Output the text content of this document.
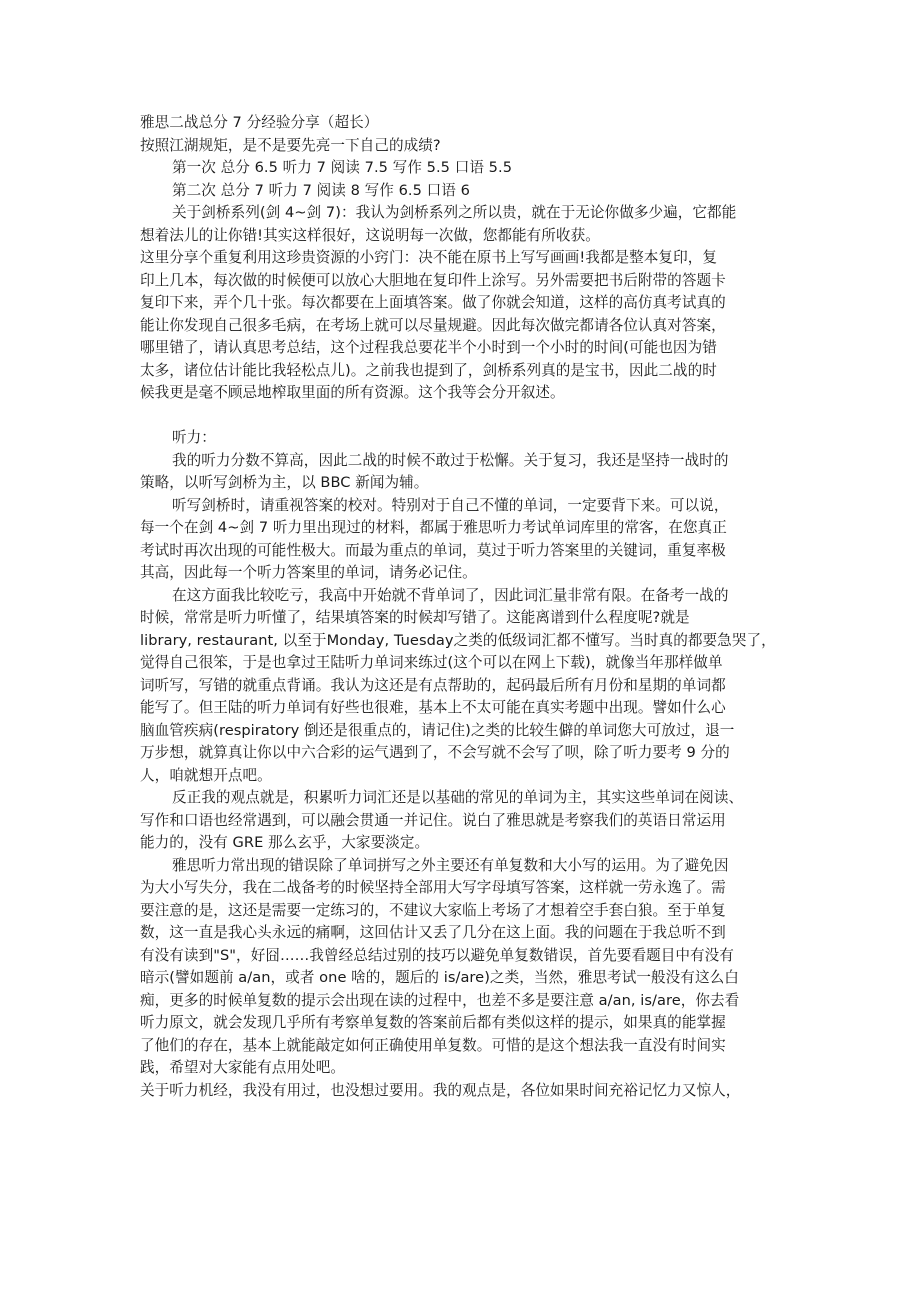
雅思二战总分 7 分经验分享（超长）
按照江湖规矩，是不是要先亮一下自己的成绩?
第一次 总分 6.5 听力 7 阅读 7.5 写作 5.5 口语 5.5
第二次 总分 7 听力 7 阅读 8 写作 6.5 口语 6
关于剑桥系列(剑 4~剑 7)：我认为剑桥系列之所以贵，就在于无论你做多少遍，它都能
想着法儿的让你错!其实这样很好，这说明每一次做，您都能有所收获。
这里分享个重复利用这珍贵资源的小窍门：决不能在原书上写写画画!我都是整本复印，复
印上几本，每次做的时候便可以放心大胆地在复印件上涂写。另外需要把书后附带的答题卡
复印下来，弄个几十张。每次都要在上面填答案。做了你就会知道，这样的高仿真考试真的
能让你发现自己很多毛病，在考场上就可以尽量规避。因此每次做完都请各位认真对答案，
哪里错了，请认真思考总结，这个过程我总要花半个小时到一个小时的时间(可能也因为错
太多，诸位估计能比我轻松点儿)。之前我也提到了，剑桥系列真的是宝书，因此二战的时
候我更是毫不顾忌地榨取里面的所有资源。这个我等会分开叙述。
听力：
我的听力分数不算高，因此二战的时候不敢过于松懈。关于复习，我还是坚持一战时的
策略，以听写剑桥为主，以 BBC 新闻为辅。
听写剑桥时，请重视答案的校对。特别对于自己不懂的单词，一定要背下来。可以说，
每一个在剑 4~剑 7 听力里出现过的材料，都属于雅思听力考试单词库里的常客，在您真正
考试时再次出现的可能性极大。而最为重点的单词，莫过于听力答案里的关键词，重复率极
其高，因此每一个听力答案里的单词，请务必记住。
在这方面我比较吃亏，我高中开始就不背单词了，因此词汇量非常有限。在备考一战的
时候，常常是听力听懂了，结果填答案的时候却写错了。这能离谱到什么程度呢?就是
library, restaurant, 以至于Monday, Tuesday之类的低级词汇都不懂写。当时真的都要急哭了，
觉得自己很笨，于是也拿过王陆听力单词来练过(这个可以在网上下载)，就像当年那样做单
词听写，写错的就重点背诵。我认为这还是有点帮助的，起码最后所有月份和星期的单词都
能写了。但王陆的听力单词有好些也很难，基本上不太可能在真实考题中出现。譬如什么心
脑血管疾病(respiratory 倒还是很重点的，请记住)之类的比较生僻的单词您大可放过，退一
万步想，就算真让你以中六合彩的运气遇到了，不会写就不会写了呗，除了听力要考 9 分的
人，咱就想开点吧。
反正我的观点就是，积累听力词汇还是以基础的常见的单词为主，其实这些单词在阅读、
写作和口语也经常遇到，可以融会贯通一并记住。说白了雅思就是考察我们的英语日常运用
能力的，没有 GRE 那么玄乎，大家要淡定。
雅思听力常出现的错误除了单词拼写之外主要还有单复数和大小写的运用。为了避免因
为大小写失分，我在二战备考的时候坚持全部用大写字母填写答案，这样就一劳永逸了。需
要注意的是，这还是需要一定练习的，不建议大家临上考场了才想着空手套白狼。至于单复
数，这一直是我心头永远的痛啊，这回估计又丢了几分在这上面。我的问题在于我总听不到
有没有读到"S"，好囧……我曾经总结过别的技巧以避免单复数错误，首先要看题目中有没有
暗示(譬如题前 a/an，或者 one 啥的，题后的 is/are)之类，当然，雅思考试一般没有这么白
痴，更多的时候单复数的提示会出现在读的过程中，也差不多是要注意 a/an, is/are，你去看
听力原文，就会发现几乎所有考察单复数的答案前后都有类似这样的提示，如果真的能掌握
了他们的存在，基本上就能敲定如何正确使用单复数。可惜的是这个想法我一直没有时间实
践，希望对大家能有点用处吧。
关于听力机经，我没有用过，也没想过要用。我的观点是，各位如果时间充裕记忆力又惊人，
